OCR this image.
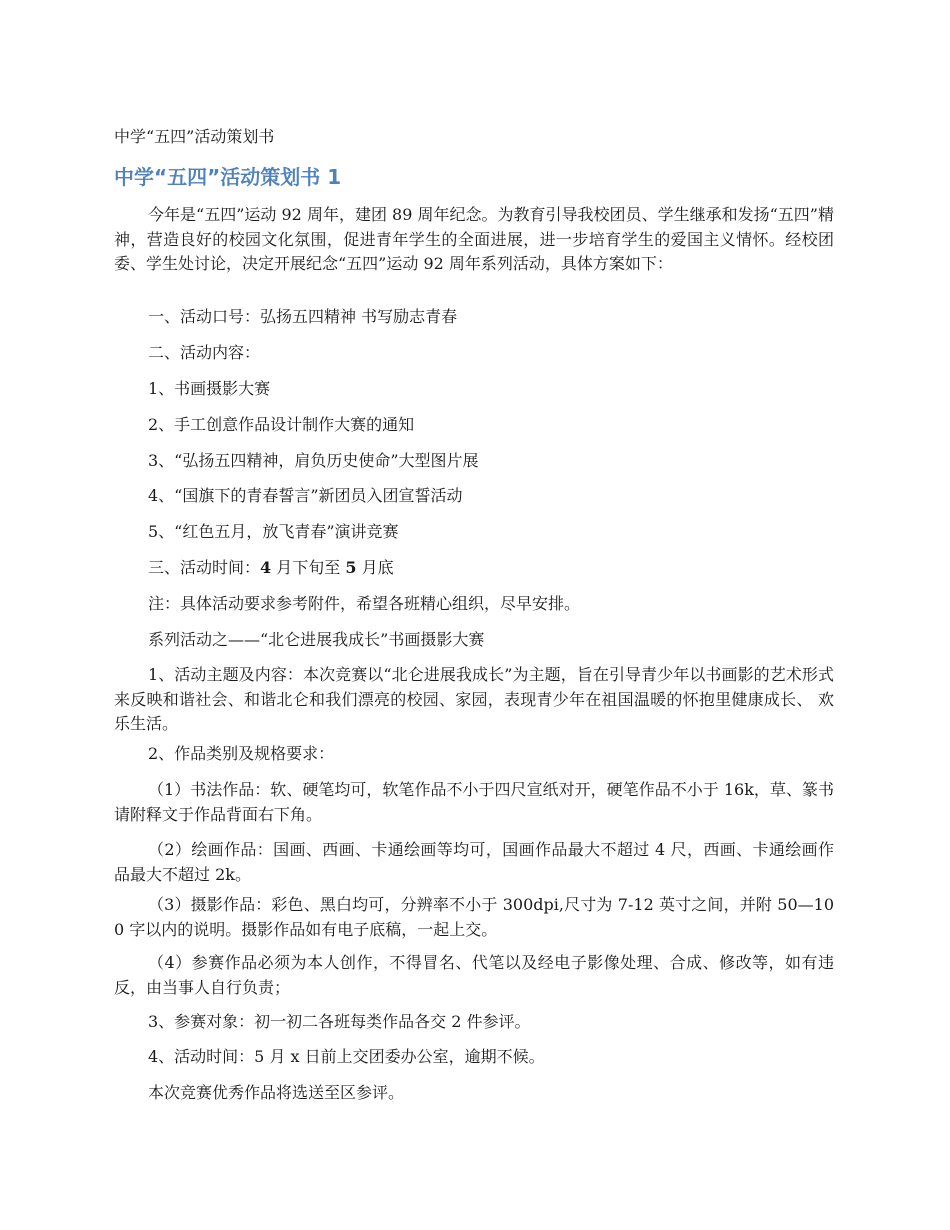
中学“五四”活动策划书
中学“五四”活动策划书 1

今年是“五四”运动 92 周年，建团 89 周年纪念。为教育引导我校团员、学生继承和发扬“五四”精神，营造良好的校园文化氛围，促进青年学生的全面进展，进一步培育学生的爱国主义情怀。经校团委、学生处讨论，决定开展纪念“五四”运动 92 周年系列活动，具体方案如下：

一、活动口号：弘扬五四精神 书写励志青春

二、活动内容：

1、书画摄影大赛

2、手工创意作品设计制作大赛的通知

3、“弘扬五四精神，肩负历史使命”大型图片展

4、“国旗下的青春誓言”新团员入团宣誓活动

5、“红色五月，放飞青春”演讲竞赛

三、活动时间：4 月下旬至 5 月底

注：具体活动要求参考附件，希望各班精心组织，尽早安排。

系列活动之——“北仑进展我成长”书画摄影大赛

1、活动主题及内容：本次竞赛以“北仑进展我成长”为主题，旨在引导青少年以书画影的艺术形式来反映和谐社会、和谐北仑和我们漂亮的校园、家园，表现青少年在祖国温暖的怀抱里健康成长、 欢乐生活。

2、作品类别及规格要求：

（1）书法作品：软、硬笔均可，软笔作品不小于四尺宣纸对开，硬笔作品不小于 16k，草、篆书请附释文于作品背面右下角。

（2）绘画作品：国画、西画、卡通绘画等均可，国画作品最大不超过 4 尺，西画、卡通绘画作品最大不超过 2k。

（3）摄影作品：彩色、黑白均可，分辨率不小于 300dpi,尺寸为 7-12 英寸之间，并附 50—100 字以内的说明。摄影作品如有电子底稿，一起上交。

（4）参赛作品必须为本人创作，不得冒名、代笔以及经电子影像处理、合成、修改等，如有违反，由当事人自行负责；

3、参赛对象：初一初二各班每类作品各交 2 件参评。

4、活动时间：5 月 x 日前上交团委办公室，逾期不候。

本次竞赛优秀作品将选送至区参评。
